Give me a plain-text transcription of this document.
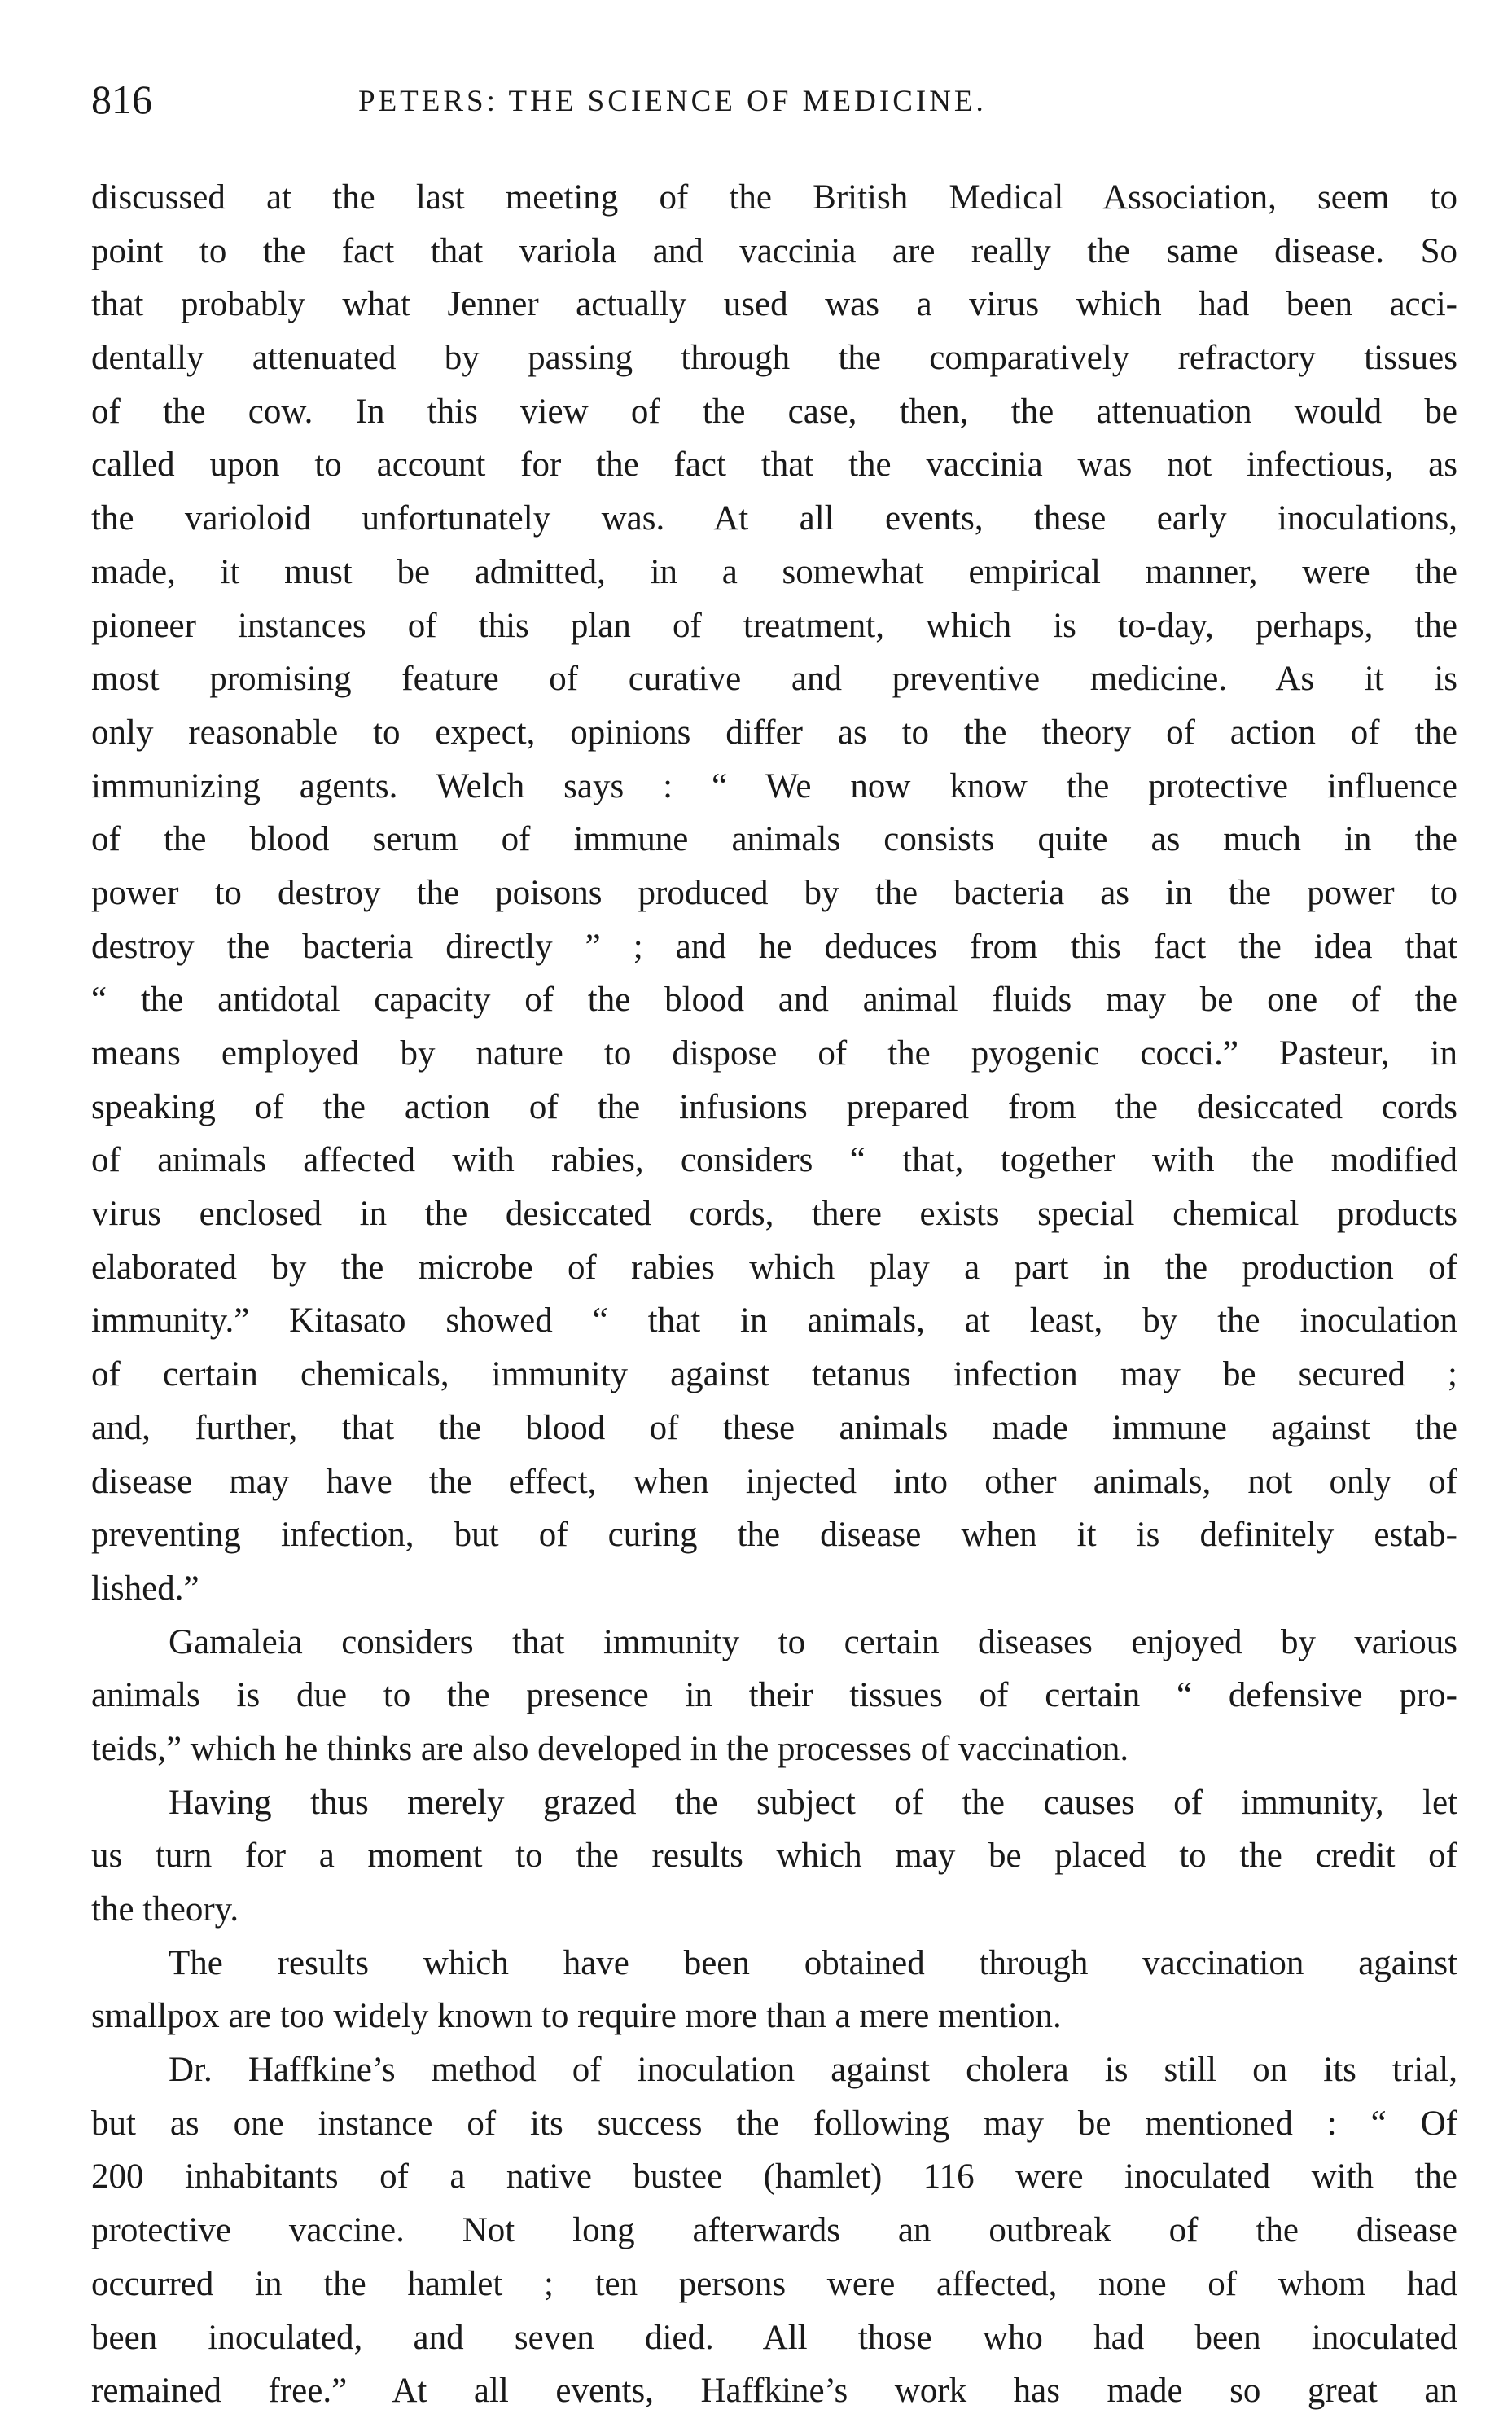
816	PETERS: THE SCIENCE OF MEDICINE.
discussed at the last meeting of the British Medical Association, seem to
point to the fact that variola and vaccinia are really the same disease. So
that probably what Jenner actually used was a virus which had been acci-
dentally attenuated by passing through the comparatively refractory tissues
of the cow. In this view of the case, then, the attenuation would be
called upon to account for the fact that the vaccinia was not infectious, as
the varioloid unfortunately was. At all events, these early inoculations,
made, it must be admitted, in a somewhat empirical manner, were the
pioneer instances of this plan of treatment, which is to-day, perhaps, the
most promising feature of curative and preventive medicine. As it is
only reasonable to expect, opinions differ as to the theory of action of the
immunizing agents. Welch says : “ We now know the protective influence
of the blood serum of immune animals consists quite as much in the
power to destroy the poisons produced by the bacteria as in the power to
destroy the bacteria directly ” ; and he deduces from this fact the idea that
“ the antidotal capacity of the blood and animal fluids may be one of the
means employed by nature to dispose of the pyogenic cocci.” Pasteur, in
speaking of the action of the infusions prepared from the desiccated cords
of animals affected with rabies, considers “ that, together with the modified
virus enclosed in the desiccated cords, there exists special chemical products
elaborated by the microbe of rabies which play a part in the production of
immunity.” Kitasato showed “ that in animals, at least, by the inoculation
of certain chemicals, immunity against tetanus infection may be secured ;
and, further, that the blood of these animals made immune against the
disease may have the effect, when injected into other animals, not only of
preventing infection, but of curing the disease when it is definitely estab-
lished.”
Gamaleia considers that immunity to certain diseases enjoyed by various
animals is due to the presence in their tissues of certain “ defensive pro-
teids,” which he thinks are also developed in the processes of vaccination.
Having thus merely grazed the subject of the causes of immunity, let
us turn for a moment to the results which may be placed to the credit of
the theory.
The results which have been obtained through vaccination against
smallpox are too widely known to require more than a mere mention.
Dr. Haffkine’s method of inoculation against cholera is still on its trial,
but as one instance of its success the following may be mentioned : “ Of
200 inhabitants of a native bustee (hamlet) 116 were inoculated with the
protective vaccine. Not long afterwards an outbreak of the disease
occurred in the hamlet ; ten persons were affected, none of whom had
been inoculated, and seven died. All those who had been inoculated
remained free.” At all events, Haffkine’s work has made so great an
